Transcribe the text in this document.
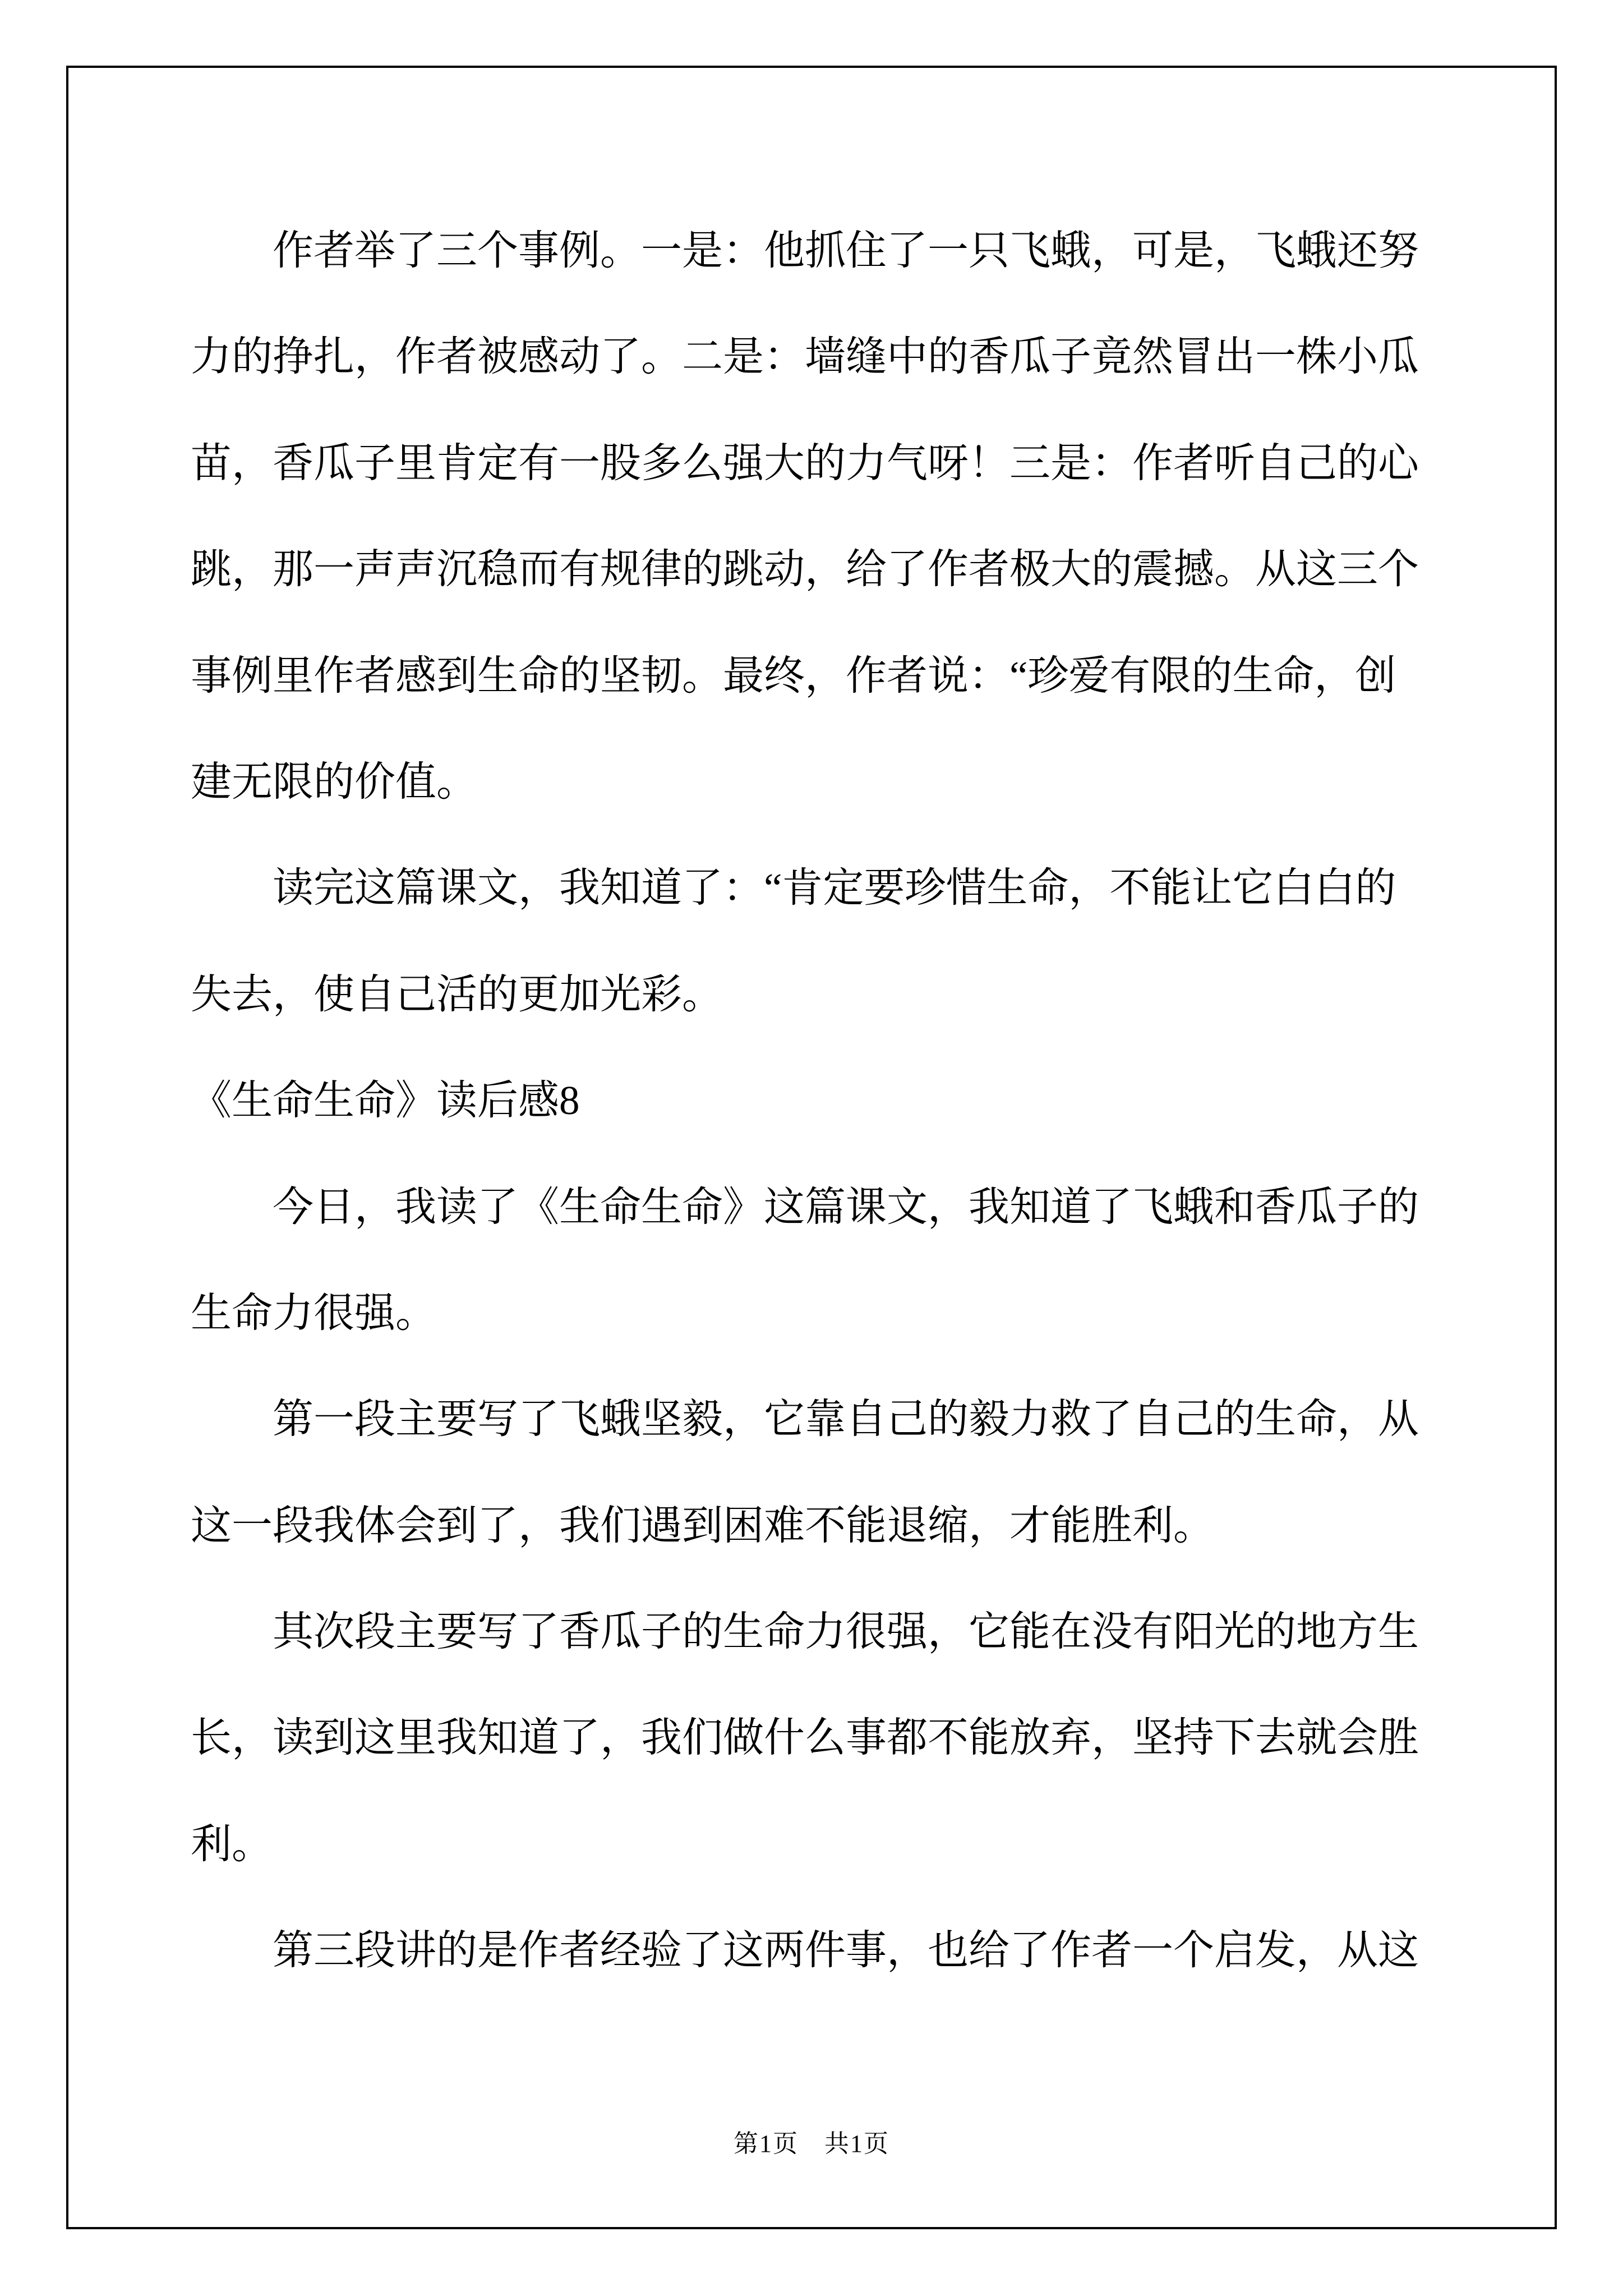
作者举了三个事例。一是：他抓住了一只飞蛾，可是，飞蛾还努
力的挣扎，作者被感动了。二是：墙缝中的香瓜子竟然冒出一株小瓜
苗，香瓜子里肯定有一股多么强大的力气呀！三是：作者听自己的心
跳，那一声声沉稳而有规律的跳动，给了作者极大的震撼。从这三个
事例里作者感到生命的坚韧。最终，作者说：“珍爱有限的生命，创
建无限的价值。
读完这篇课文，我知道了：“肯定要珍惜生命，不能让它白白的
失去，使自己活的更加光彩。
《生命生命》读后感8
今日，我读了《生命生命》这篇课文，我知道了飞蛾和香瓜子的
生命力很强。
第一段主要写了飞蛾坚毅，它靠自己的毅力救了自己的生命，从
这一段我体会到了，我们遇到困难不能退缩，才能胜利。
其次段主要写了香瓜子的生命力很强，它能在没有阳光的地方生
长，读到这里我知道了，我们做什么事都不能放弃，坚持下去就会胜
利。
第三段讲的是作者经验了这两件事，也给了作者一个启发，从这
第1页　共1页
